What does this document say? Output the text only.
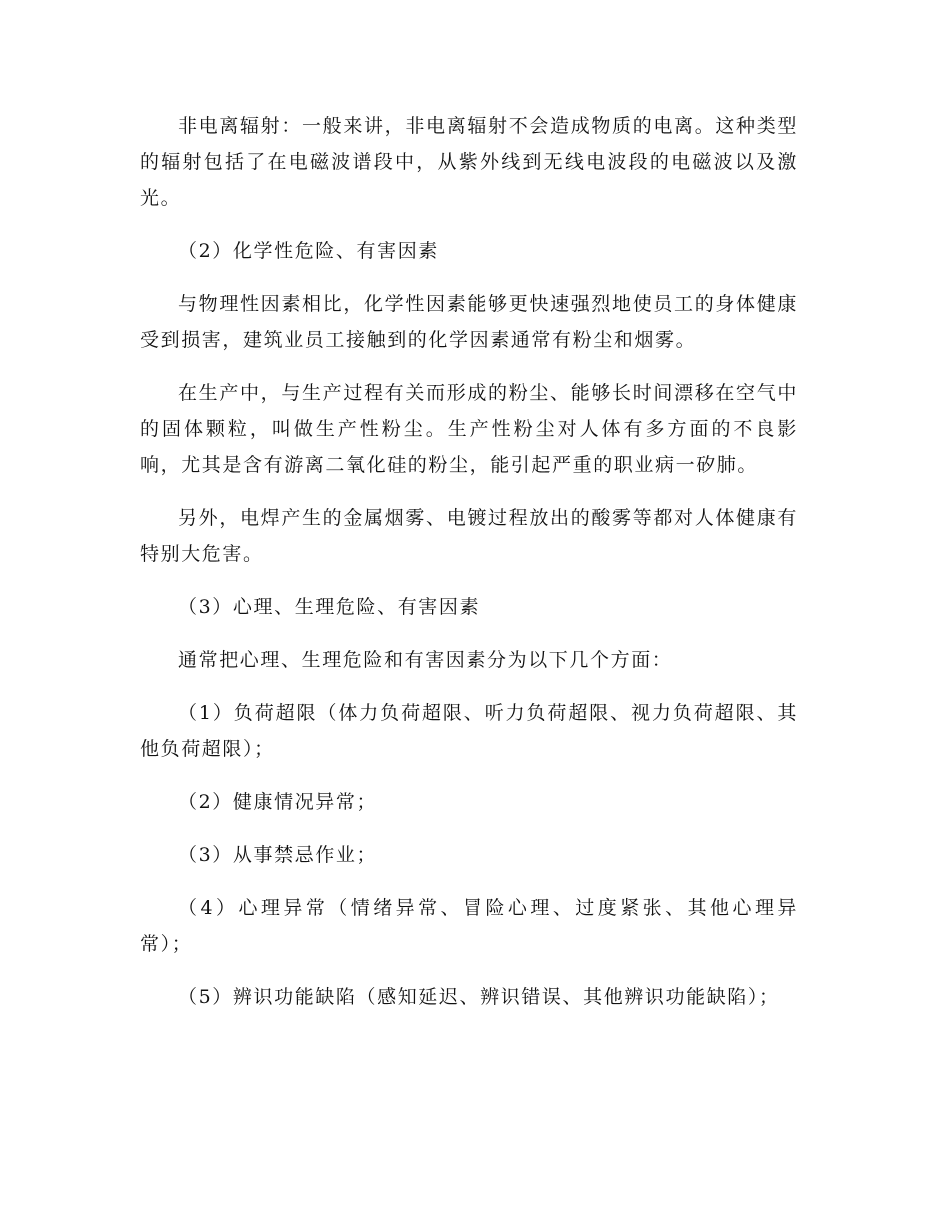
非电离辐射：一般来讲，非电离辐射不会造成物质的电离。这种类型的辐射包括了在电磁波谱段中，从紫外线到无线电波段的电磁波以及激光。

（2）化学性危险、有害因素

与物理性因素相比，化学性因素能够更快速强烈地使员工的身体健康受到损害，建筑业员工接触到的化学因素通常有粉尘和烟雾。

在生产中，与生产过程有关而形成的粉尘、能够长时间漂移在空气中的固体颗粒，叫做生产性粉尘。生产性粉尘对人体有多方面的不良影响，尤其是含有游离二氧化硅的粉尘，能引起严重的职业病一矽肺。

另外，电焊产生的金属烟雾、电镀过程放出的酸雾等都对人体健康有特别大危害。

（3）心理、生理危险、有害因素

通常把心理、生理危险和有害因素分为以下几个方面：

（1）负荷超限（体力负荷超限、听力负荷超限、视力负荷超限、其他负荷超限）；

（2）健康情况异常；

（3）从事禁忌作业；

（4）心理异常（情绪异常、冒险心理、过度紧张、其他心理异常）；

（5）辨识功能缺陷（感知延迟、辨识错误、其他辨识功能缺陷）；
